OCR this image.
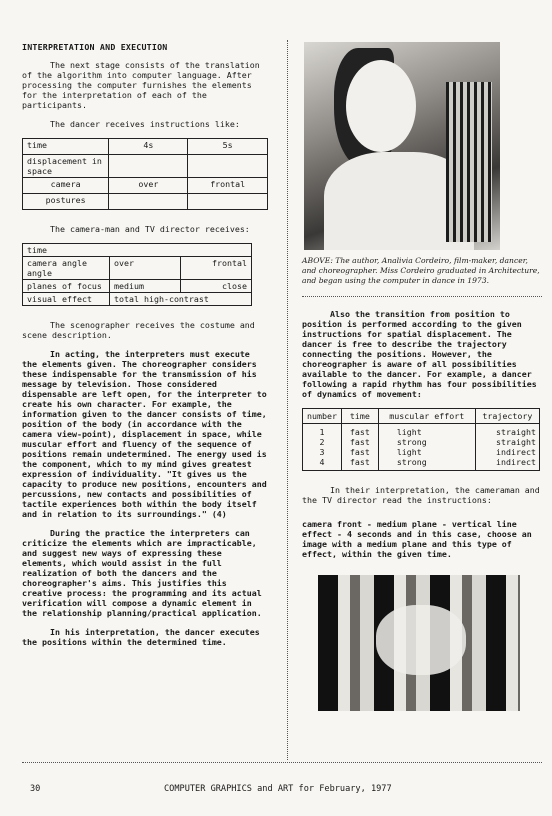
INTERPRETATION AND EXECUTION

The next stage consists of the translation of the algorithm into computer language. After processing the computer furnishes the elements for the interpretation of each of the participants.

The dancer receives instructions like:

time	4s	5s
displacement in space		
camera	over	frontal
postures		

The camera-man and TV director receives:

time		
camera angle angle	over	frontal
planes of focus	medium	close
visual effect	total high-contrast	

The scenographer receives the costume and scene description.

In acting, the interpreters must execute the elements given. The choreographer considers these indispensable for the transmission of his message by television. Those considered dispensable are left open, for the interpreter to create his own character. For example, the information given to the dancer consists of time, position of the body (in accordance with the camera view-point), displacement in space, while muscular effort and fluency of the sequence of positions remain undetermined. The energy used is the component, which to my mind gives greatest expression of individuality. "It gives us the capacity to produce new positions, encounters and percussions, new contacts and possibilities of tactile experiences both within the body itself and in relation to its surroundings." (4)

During the practice the interpreters can criticize the elements which are impracticable, and suggest new ways of expressing these elements, which would assist in the full realization of both the dancers and the choreographer's aims. This justifies this creative process: the programming and its actual verification will compose a dynamic element in the relationship planning/practical application.

In his interpretation, the dancer executes the positions within the determined time.

ABOVE: The author, Analivia Cordeiro, film-maker, dancer, and choreographer. Miss Cordeiro graduated in Architecture, and began using the computer in dance in 1973.

Also the transition from position to position is performed according to the given instructions for spatial displacement. The dancer is free to describe the trajectory connecting the positions. However, the choreographer is aware of all possibilities available to the dancer. For example, a dancer following a rapid rhythm has four possibilities of dynamics of movement:

number	time	muscular effort	trajectory
1	fast	light	straight
2	fast	strong	straight
3	fast	light	indirect
4	fast	strong	indirect

In their interpretation, the cameraman and the TV director read the instructions:

camera front - medium plane - vertical line effect - 4 seconds and in this case, choose an image with a medium plane and this type of effect, within the given time.

30	COMPUTER GRAPHICS and ART for February, 1977
